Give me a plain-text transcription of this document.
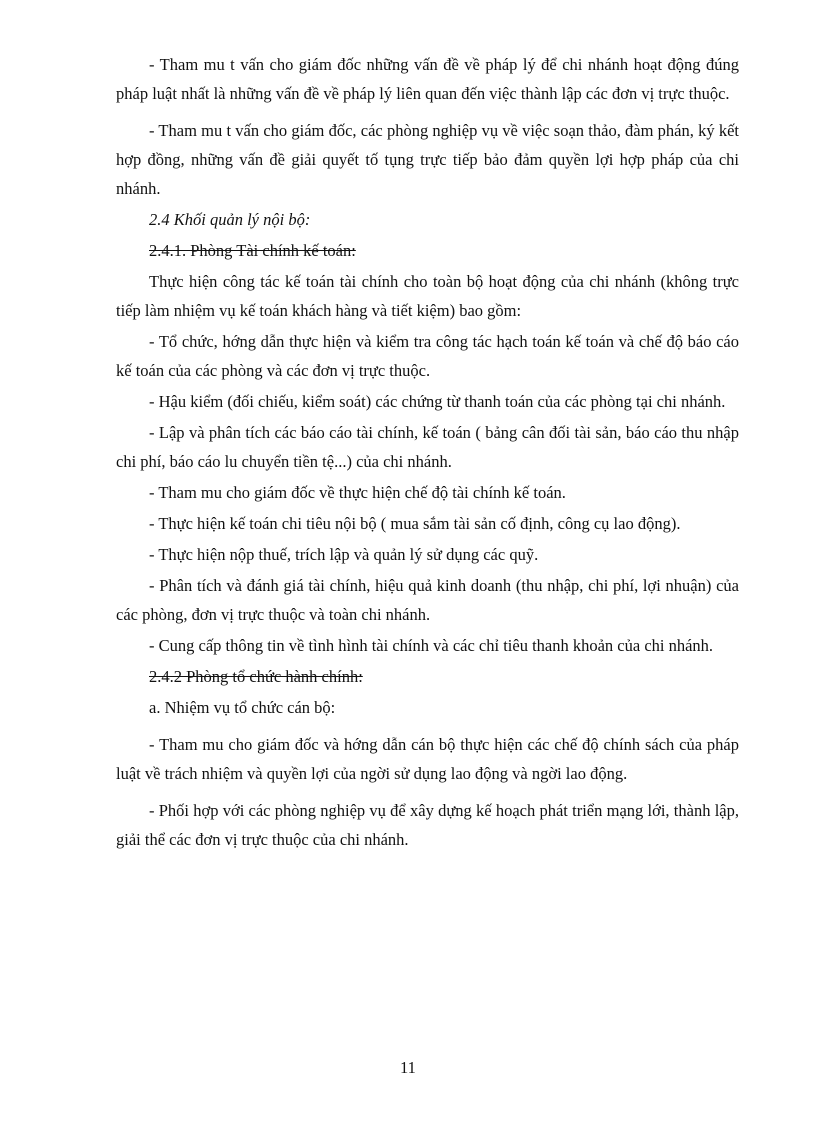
- Tham mu t vấn cho giám đốc những vấn đề về pháp lý để chi nhánh hoạt động đúng pháp luật nhất là những vấn đề về pháp lý liên quan đến việc thành lập các đơn vị trực thuộc.

- Tham mu t vấn cho giám đốc, các phòng nghiệp vụ về việc soạn thảo, đàm phán, ký kết hợp đồng, những vấn đề giải quyết tố tụng trực tiếp bảo đảm quyền lợi hợp pháp của chi nhánh.

2.4 Khối quản lý nội bộ:

2.4.1. Phòng Tài chính kế toán:

Thực hiện công tác kế toán tài chính cho toàn bộ hoạt động của chi nhánh (không trực tiếp làm nhiệm vụ kế toán khách hàng và tiết kiệm) bao gồm:

- Tổ chức, hớng dẫn thực hiện và kiểm tra công tác hạch toán kế toán và chế độ báo cáo kế toán của các phòng và các đơn vị trực thuộc.

- Hậu kiểm (đối chiếu, kiểm soát) các chứng từ thanh toán của các phòng tại chi nhánh.

- Lập và phân tích các báo cáo tài chính, kế toán ( bảng cân đối tài sản, báo cáo thu nhập chi phí, báo cáo lu chuyển tiền tệ...) của chi nhánh.

- Tham mu cho giám đốc về thực hiện chế độ tài chính kế toán.

- Thực hiện kế toán chi tiêu nội bộ ( mua sắm tài sản cố định, công cụ lao động).

- Thực hiện nộp thuế, trích lập và quản lý sử dụng các quỹ.

- Phân tích và đánh giá tài chính, hiệu quả kinh doanh (thu nhập, chi phí, lợi nhuận) của các phòng, đơn vị trực thuộc và toàn chi nhánh.

- Cung cấp thông tin về tình hình tài chính và các chỉ tiêu thanh khoản của chi nhánh.

2.4.2 Phòng tổ chức hành chính:

a. Nhiệm vụ tổ chức cán bộ:

- Tham mu cho giám đốc và hớng dẫn cán bộ thực hiện các chế độ chính sách của pháp luật về trách nhiệm và quyền lợi của ngời sử dụng lao động và ngời lao động.

- Phối hợp với các phòng nghiệp vụ để xây dựng kế hoạch phát triển mạng lới, thành lập, giải thể các đơn vị trực thuộc của chi nhánh.

11
